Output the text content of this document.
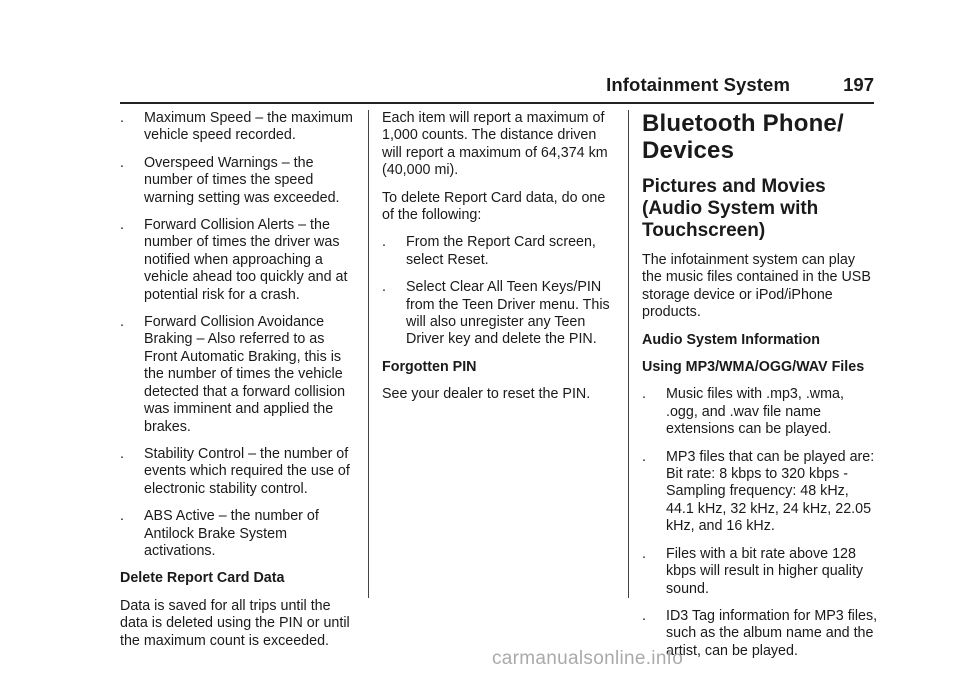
Infotainment System	197
.	Maximum Speed – the maximum vehicle speed recorded.
.	Overspeed Warnings – the number of times the speed warning setting was exceeded.
.	Forward Collision Alerts – the number of times the driver was notified when approaching a vehicle ahead too quickly and at potential risk for a crash.
.	Forward Collision Avoidance Braking – Also referred to as Front Automatic Braking, this is the number of times the vehicle detected that a forward collision was imminent and applied the brakes.
.	Stability Control – the number of events which required the use of electronic stability control.
.	ABS Active – the number of Antilock Brake System activations.
Delete Report Card Data

Data is saved for all trips until the data is deleted using the PIN or until the maximum count is exceeded.

Each item will report a maximum of 1,000 counts. The distance driven will report a maximum of 64,374 km (40,000 mi).

To delete Report Card data, do one of the following:

.	From the Report Card screen, select Reset.
.	Select Clear All Teen Keys/PIN from the Teen Driver menu. This will also unregister any Teen Driver key and delete the PIN.
Forgotten PIN

See your dealer to reset the PIN.

Bluetooth Phone/ Devices
Pictures and Movies (Audio System with Touchscreen)

The infotainment system can play the music files contained in the USB storage device or iPod/iPhone products.

Audio System Information
Using MP3/WMA/OGG/WAV Files
.	Music files with .mp3, .wma, .ogg, and .wav file name extensions can be played.
.	MP3 files that can be played are: Bit rate: 8 kbps to 320 kbps - Sampling frequency: 48 kHz, 44.1 kHz, 32 kHz, 24 kHz, 22.05 kHz, and 16 kHz.
.	Files with a bit rate above 128 kbps will result in higher quality sound.
.	ID3 Tag information for MP3 files, such as the album name and the artist, can be played.
carmanualsonline.info
